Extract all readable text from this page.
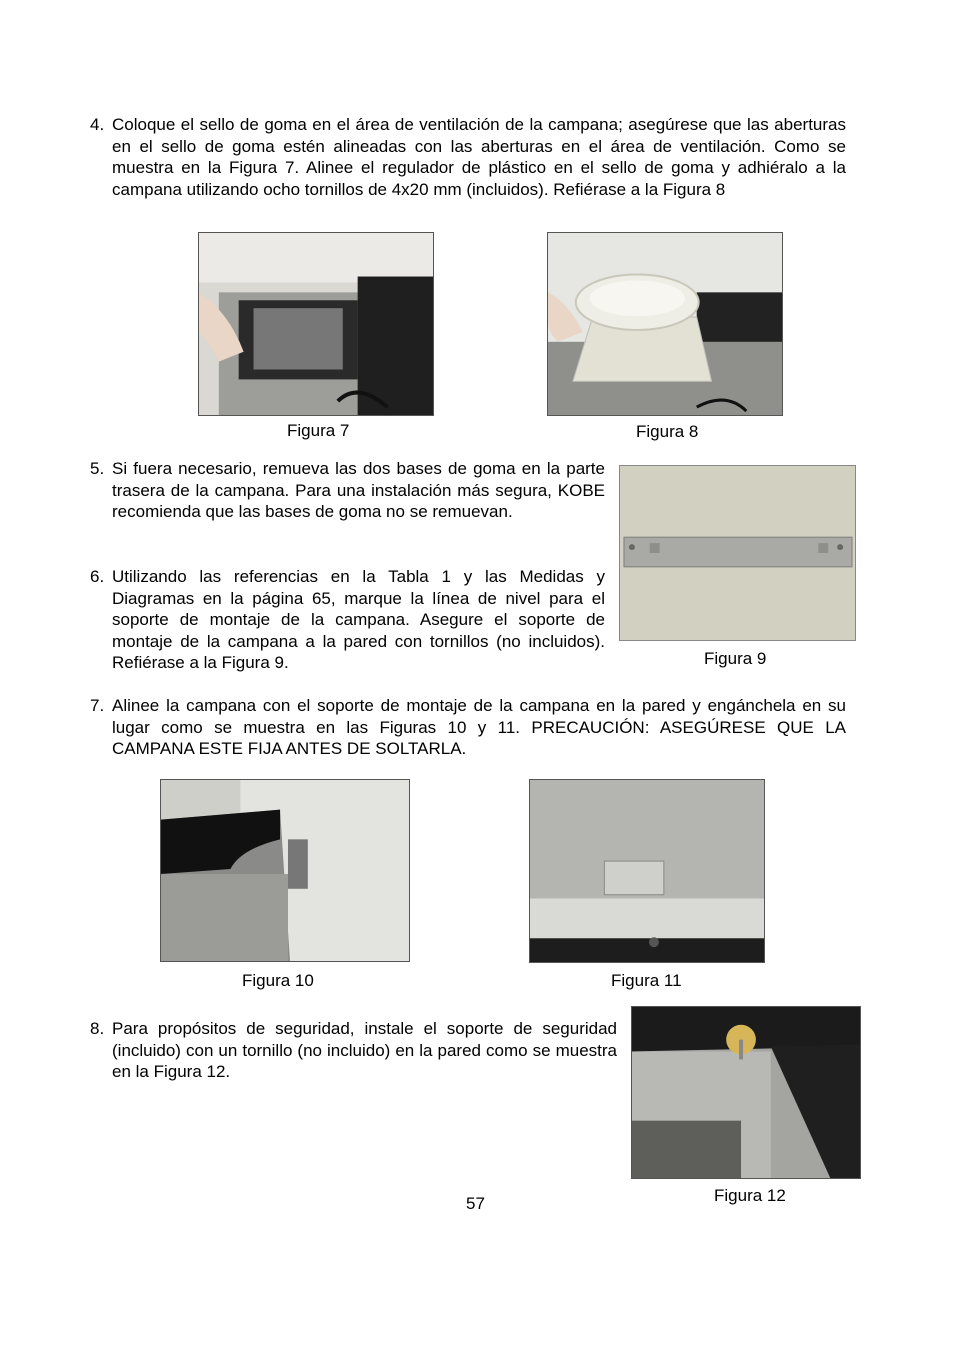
4. Coloque el sello de goma en el área de ventilación de la campana; asegúrese que las aberturas en el sello de goma estén alineadas con las aberturas en el área de ventilación. Como se muestra en la Figura 7. Alinee el regulador de plástico en el sello de goma y adhiéralo a la campana utilizando ocho tornillos de 4x20 mm (incluidos). Refiérase a la Figura 8
Figura 7	Figura 8
5. Si fuera necesario, remueva las dos bases de goma en la parte trasera de la campana. Para una instalación más segura, KOBE recomienda que las bases de goma no se remuevan.
Figura 9
6. Utilizando las referencias en la Tabla 1 y las Medidas y Diagramas en la página 65, marque la línea de nivel para el soporte de montaje de la campana. Asegure el soporte de montaje de la campana a la pared con tornillos (no incluidos). Refiérase a la Figura 9.
7. Alinee la campana con el soporte de montaje de la campana en la pared y engánchela en su lugar como se muestra en las Figuras 10 y 11. PRECAUCIÓN: ASEGÚRESE QUE LA CAMPANA ESTE FIJA ANTES DE SOLTARLA.
Figura 10	Figura 11
8. Para propósitos de seguridad, instale el soporte de seguridad (incluido) con un tornillo (no incluido) en la pared como se muestra en la Figura 12.
Figura 12
57
